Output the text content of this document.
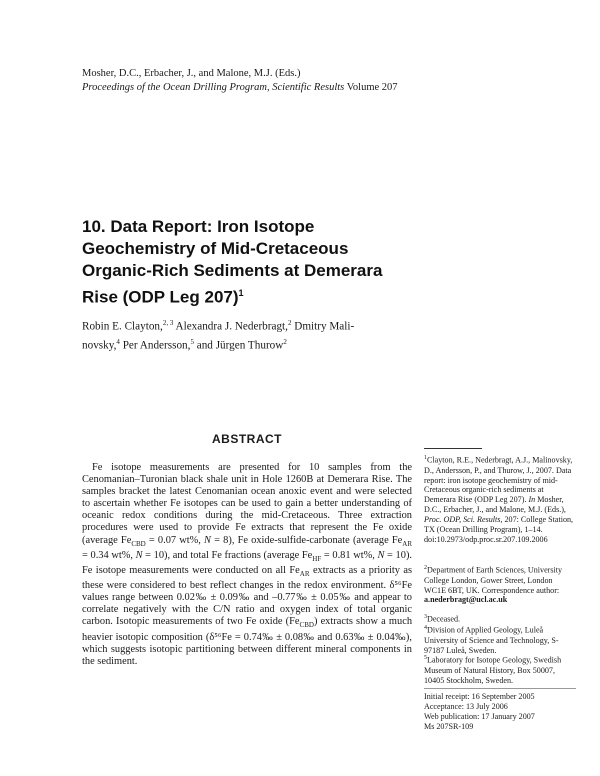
Mosher, D.C., Erbacher, J., and Malone, M.J. (Eds.)
Proceedings of the Ocean Drilling Program, Scientific Results Volume 207
10. Data Report: Iron Isotope
Geochemistry of Mid-Cretaceous
Organic-Rich Sediments at Demerara
Rise (ODP Leg 207)$^1$
Robin E. Clayton,$^{2, 3}$ Alexandra J. Nederbragt,$^2$ Dmitry Mali-
novsky,$^4$ Per Andersson,$^5$ and Jürgen Thurow$^2$
ABSTRACT
Fe isotope measurements are presented for 10 samples from the Cenomanian–Turonian black shale unit in Hole 1260B at Demerara Rise. The samples bracket the latest Cenomanian ocean anoxic event and were selected to ascertain whether Fe isotopes can be used to gain a better understanding of oceanic redox conditions during the mid-Cretaceous. Three extraction procedures were used to provide Fe extracts that represent the Fe oxide (average $Fe_{CBD} = 0.07$ wt%, N = 8), Fe oxide-sulfide-carbonate (average $Fe_{AR} = 0.34$ wt%, N = 10), and total Fe fractions (average $Fe_{HF} = 0.81$ wt%, N = 10). Fe isotope measurements were conducted on all $Fe_{AR}$ extracts as a priority as these were considered to best reflect changes in the redox environment. δ⁵⁶Fe values range between 0.02‰ ± 0.09‰ and –0.77‰ ± 0.05‰ and appear to correlate negatively with the C/N ratio and oxygen index of total organic carbon. Isotopic measurements of two Fe oxide $(Fe_{CBD})$ extracts show a much heavier isotopic composition (δ⁵⁶Fe = 0.74‰ ± 0.08‰ and 0.63‰ ± 0.04‰), which suggests isotopic partitioning between different mineral components in the sediment.
$^1$Clayton, R.E., Nederbragt, A.J., Malinovsky, D., Andersson, P., and Thurow, J., 2007. Data report: iron isotope geochemistry of mid-Cretaceous organic-rich sediments at Demerara Rise (ODP Leg 207). In Mosher, D.C., Erbacher, J., and Malone, M.J. (Eds.), Proc. ODP, Sci. Results, 207: College Station, TX (Ocean Drilling Program), 1–14. doi:10.2973/odp.proc.sr.207.109.2006
$^2$Department of Earth Sciences, University College London, Gower Street, London WC1E 6BT, UK. Correspondence author:
a.nederbragt@ucl.ac.uk
$^3$Deceased.
$^4$Division of Applied Geology, Luleå University of Science and Technology, S-97187 Luleå, Sweden.
$^5$Laboratory for Isotope Geology, Swedish Museum of Natural History, Box 50007, 10405 Stockholm, Sweden.
Initial receipt: 16 September 2005
Acceptance: 13 July 2006
Web publication: 17 January 2007
Ms 207SR-109
